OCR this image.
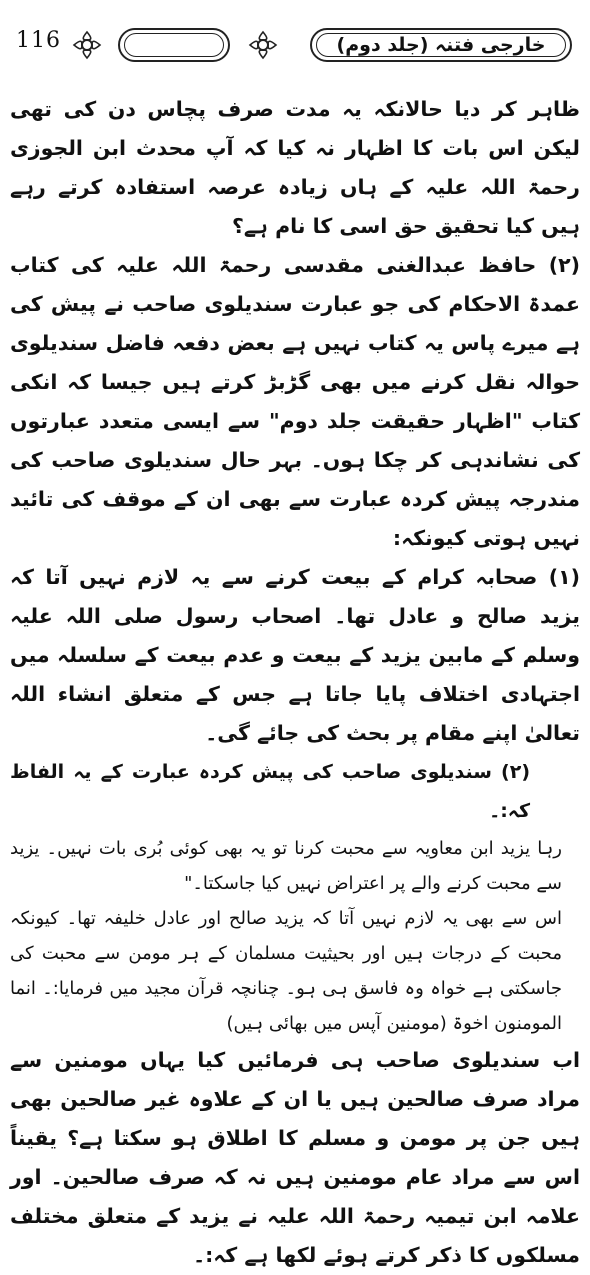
116	خارجی فتنہ (جلد دوم)

ظاہر کر دیا حالانکہ یہ مدت صرف پچاس دن کی تھی لیکن اس بات کا اظہار نہ کیا کہ آپ محدث ابن الجوزی رحمۃ اللہ علیہ کے ہاں زیادہ عرصہ استفادہ کرتے رہے ہیں کیا تحقیق حق اسی کا نام ہے؟

(۲) حافظ عبدالغنی مقدسی رحمۃ اللہ علیہ کی کتاب عمدۃ الاحکام کی جو عبارت سندیلوی صاحب نے پیش کی ہے میرے پاس یہ کتاب نہیں ہے بعض دفعہ فاضل سندیلوی حوالہ نقل کرنے میں بھی گڑبڑ کرتے ہیں جیسا کہ انکی کتاب "اظہار حقیقت جلد دوم" سے ایسی متعدد عبارتوں کی نشاندہی کر چکا ہوں۔ بہر حال سندیلوی صاحب کی مندرجہ پیش کردہ عبارت سے بھی ان کے موقف کی تائید نہیں ہوتی کیونکہ:

(۱) صحابہ کرام کے بیعت کرنے سے یہ لازم نہیں آتا کہ یزید صالح و عادل تھا۔ اصحاب رسول صلی اللہ علیہ وسلم کے مابین یزید کے بیعت و عدم بیعت کے سلسلہ میں اجتہادی اختلاف پایا جاتا ہے جس کے متعلق انشاء اللہ تعالیٰ اپنے مقام پر بحث کی جائے گی۔

(۲) سندیلوی صاحب کی پیش کردہ عبارت کے یہ الفاظ کہ:۔

رہا یزید ابن معاویہ سے محبت کرنا تو یہ بھی کوئی بُری بات نہیں۔ یزید سے محبت کرنے والے پر اعتراض نہیں کیا جاسکتا۔"

اس سے بھی یہ لازم نہیں آتا کہ یزید صالح اور عادل خلیفہ تھا۔ کیونکہ محبت کے درجات ہیں اور بحیثیت مسلمان کے ہر مومن سے محبت کی جاسکتی ہے خواہ وہ فاسق ہی ہو۔ چنانچہ قرآن مجید میں فرمایا:۔ انما المومنون اخوۃ (مومنین آپس میں بھائی ہیں)

اب سندیلوی صاحب ہی فرمائیں کیا یہاں مومنین سے مراد صرف صالحین ہیں یا ان کے علاوہ غیر صالحین بھی ہیں جن پر مومن و مسلم کا اطلاق ہو سکتا ہے؟ یقیناً اس سے مراد عام مومنین ہیں نہ کہ صرف صالحین۔ اور علامہ ابن تیمیہ رحمۃ اللہ علیہ نے یزید کے متعلق مختلف مسلکوں کا ذکر کرتے ہوئے لکھا ہے کہ:۔
